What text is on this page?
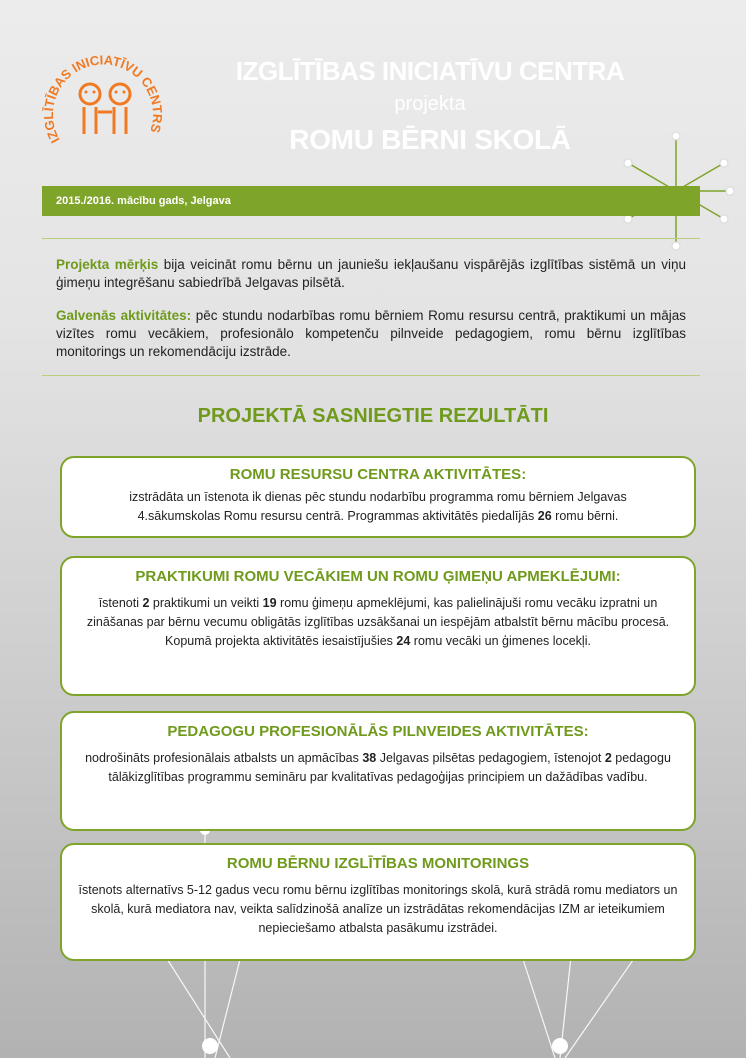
IZGLĪTĪBAS INICIATĪVU CENTRS
IZGLĪTĪBAS INICIATĪVU CENTRA
projekta
ROMU BĒRNI SKOLĀ
2015./2016. mācību gads, Jelgava
Projekta mērķis bija veicināt romu bērnu un jauniešu iekļaušanu vispārējās izglītības sistēmā un viņu ģimeņu integrēšanu sabiedrībā Jelgavas pilsētā.
Galvenās aktivitātes: pēc stundu nodarbības romu bērniem Romu resursu centrā, praktikumi un mājas vizītes romu vecākiem, profesionālo kompetenču pilnveide pedagogiem, romu bērnu izglītības monitorings un rekomendāciju izstrāde.
PROJEKTĀ SASNIEGTIE REZULTĀTI
ROMU RESURSU CENTRA AKTIVITĀTES:

izstrādāta un īstenota ik dienas pēc stundu nodarbību programma romu bērniem Jelgavas 4.sākumskolas Romu resursu centrā. Programmas aktivitātēs piedalījās 26 romu bērni.

PRAKTIKUMI ROMU VECĀKIEM UN ROMU ĢIMEŅU APMEKLĒJUMI:

īstenoti 2 praktikumi un veikti 19 romu ģimeņu apmeklējumi, kas palielinājuši romu vecāku izpratni un zināšanas par bērnu vecumu obligātās izglītības uzsākšanai un iespējām atbalstīt bērnu mācību procesā. Kopumā projekta aktivitātēs iesaistījušies 24 romu vecāki un ģimenes locekļi.

PEDAGOGU PROFESIONĀLĀS PILNVEIDES AKTIVITĀTES:

nodrošināts profesionālais atbalsts un apmācības 38 Jelgavas pilsētas pedagogiem, īstenojot 2 pedagogu tālākizglītības programmu semināru par kvalitatīvas pedagoģijas principiem un dažādības vadību.

ROMU BĒRNU IZGLĪTĪBAS MONITORINGS

īstenots alternatīvs 5-12 gadus vecu romu bērnu izglītības monitorings skolā, kurā strādā romu mediators un skolā, kurā mediatora nav, veikta salīdzinošā analīze un izstrādātas rekomendācijas IZM ar ieteikumiem nepieciešamo atbalsta pasākumu izstrādei.
